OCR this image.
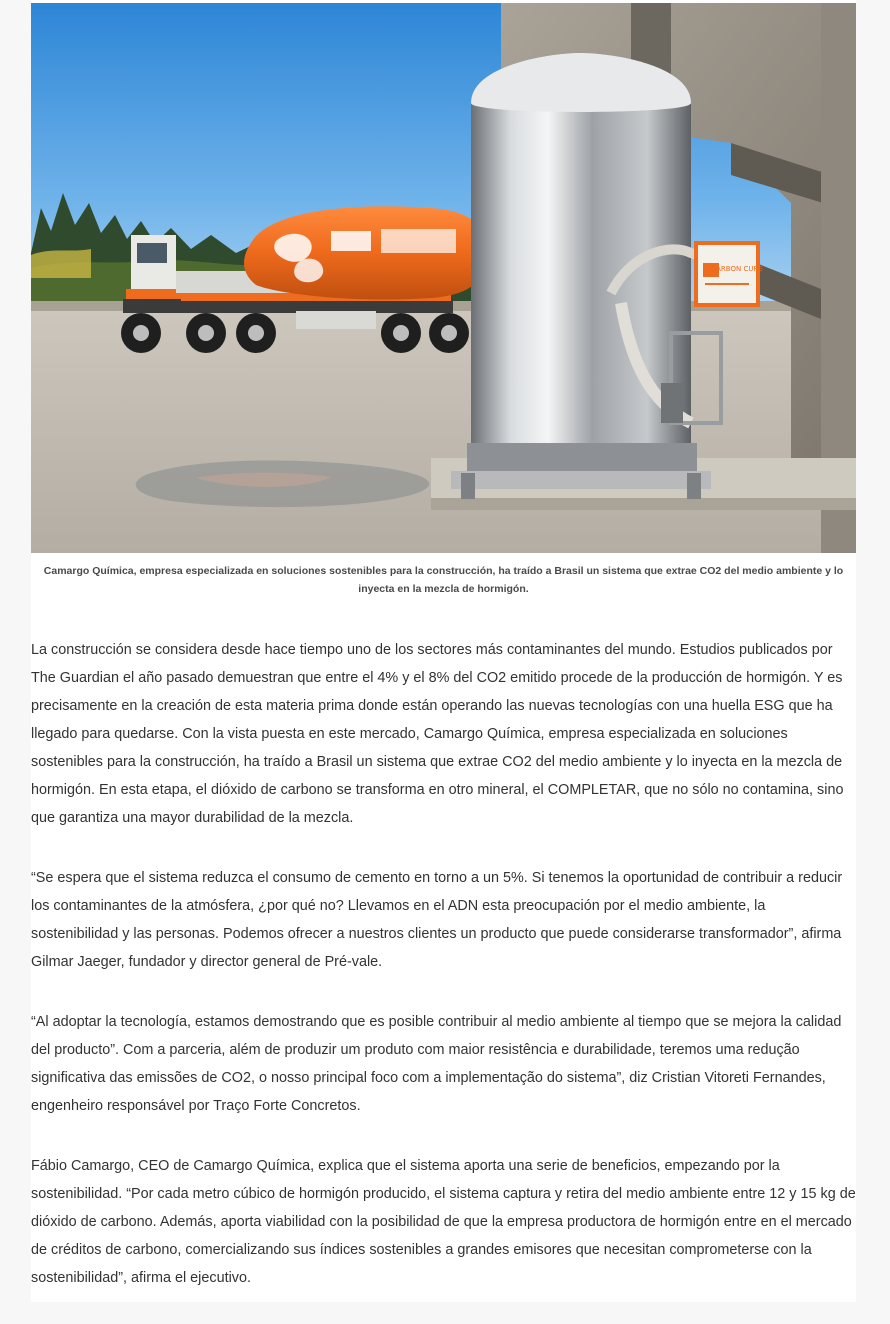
CARBON CURE
Camargo Química, empresa especializada en soluciones sostenibles para la construcción, ha traído a Brasil un sistema que extrae CO2 del medio ambiente y lo inyecta en la mezcla de hormigón.

La construcción se considera desde hace tiempo uno de los sectores más contaminantes del mundo. Estudios publicados por The Guardian el año pasado demuestran que entre el 4% y el 8% del CO2 emitido procede de la producción de hormigón. Y es precisamente en la creación de esta materia prima donde están operando las nuevas tecnologías con una huella ESG que ha llegado para quedarse. Con la vista puesta en este mercado, Camargo Química, empresa especializada en soluciones sostenibles para la construcción, ha traído a Brasil un sistema que extrae CO2 del medio ambiente y lo inyecta en la mezcla de hormigón. En esta etapa, el dióxido de carbono se transforma en otro mineral, el COMPLETAR, que no sólo no contamina, sino que garantiza una mayor durabilidad de la mezcla.

“Se espera que el sistema reduzca el consumo de cemento en torno a un 5%. Si tenemos la oportunidad de contribuir a reducir los contaminantes de la atmósfera, ¿por qué no? Llevamos en el ADN esta preocupación por el medio ambiente, la sostenibilidad y las personas. Podemos ofrecer a nuestros clientes un producto que puede considerarse transformador”, afirma Gilmar Jaeger, fundador y director general de Pré-vale.

“Al adoptar la tecnología, estamos demostrando que es posible contribuir al medio ambiente al tiempo que se mejora la calidad del producto”. Com a parceria, além de produzir um produto com maior resistência e durabilidade, teremos uma redução significativa das emissões de CO2, o nosso principal foco com a implementação do sistema”, diz Cristian Vitoreti Fernandes, engenheiro responsável por Traço Forte Concretos.

Fábio Camargo, CEO de Camargo Química, explica que el sistema aporta una serie de beneficios, empezando por la sostenibilidad. “Por cada metro cúbico de hormigón producido, el sistema captura y retira del medio ambiente entre 12 y 15 kg de dióxido de carbono. Además, aporta viabilidad con la posibilidad de que la empresa productora de hormigón entre en el mercado de créditos de carbono, comercializando sus índices sostenibles a grandes emisores que necesitan comprometerse con la sostenibilidad”, afirma el ejecutivo.
